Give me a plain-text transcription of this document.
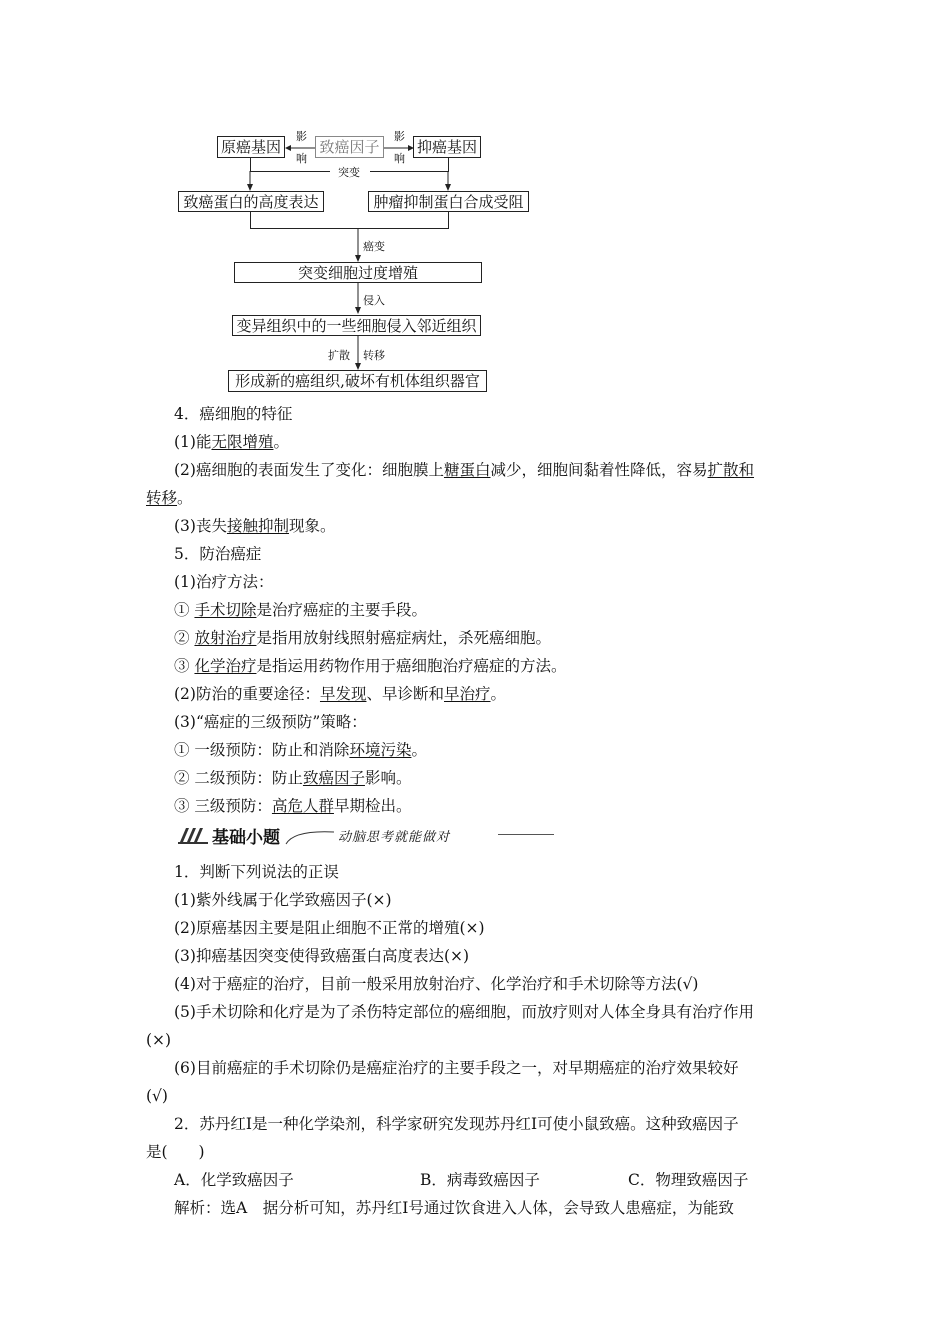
原癌基因	致癌因子	抑癌基因
影
响
影
响
突变
致癌蛋白的高度表达	肿瘤抑制蛋白合成受阻
癌变
突变细胞过度增殖
侵入
变异组织中的一些细胞侵入邻近组织
扩散 转移
形成新的癌组织,破坏有机体组织器官
4．癌细胞的特征
(1)能无限增殖。
(2)癌细胞的表面发生了变化：细胞膜上糖蛋白减少，细胞间黏着性降低，容易扩散和
转移。
(3)丧失接触抑制现象。
5．防治癌症
(1)治疗方法：
① 手术切除是治疗癌症的主要手段。
② 放射治疗是指用放射线照射癌症病灶，杀死癌细胞。
③ 化学治疗是指运用药物作用于癌细胞治疗癌症的方法。
(2)防治的重要途径：早发现、早诊断和早治疗。
(3)“癌症的三级预防”策略：
① 一级预防：防止和消除环境污染。
② 二级预防：防止致癌因子影响。
③ 三级预防：高危人群早期检出。
基础小题	动脑思考就能做对
1．判断下列说法的正误
(1)紫外线属于化学致癌因子(×)
(2)原癌基因主要是阻止细胞不正常的增殖(×)
(3)抑癌基因突变使得致癌蛋白高度表达(×)
(4)对于癌症的治疗，目前一般采用放射治疗、化学治疗和手术切除等方法(√)
(5)手术切除和化疗是为了杀伤特定部位的癌细胞，而放疗则对人体全身具有治疗作用
(×)
(6)目前癌症的手术切除仍是癌症治疗的主要手段之一，对早期癌症的治疗效果较好
(√)
2．苏丹红Ⅰ是一种化学染剂，科学家研究发现苏丹红Ⅰ可使小鼠致癌。这种致癌因子
是(　　)
A．化学致癌因子	B．病毒致癌因子	C．物理致癌因子
解析：选A　据分析可知，苏丹红Ⅰ号通过饮食进入人体，会导致人患癌症，为能致
